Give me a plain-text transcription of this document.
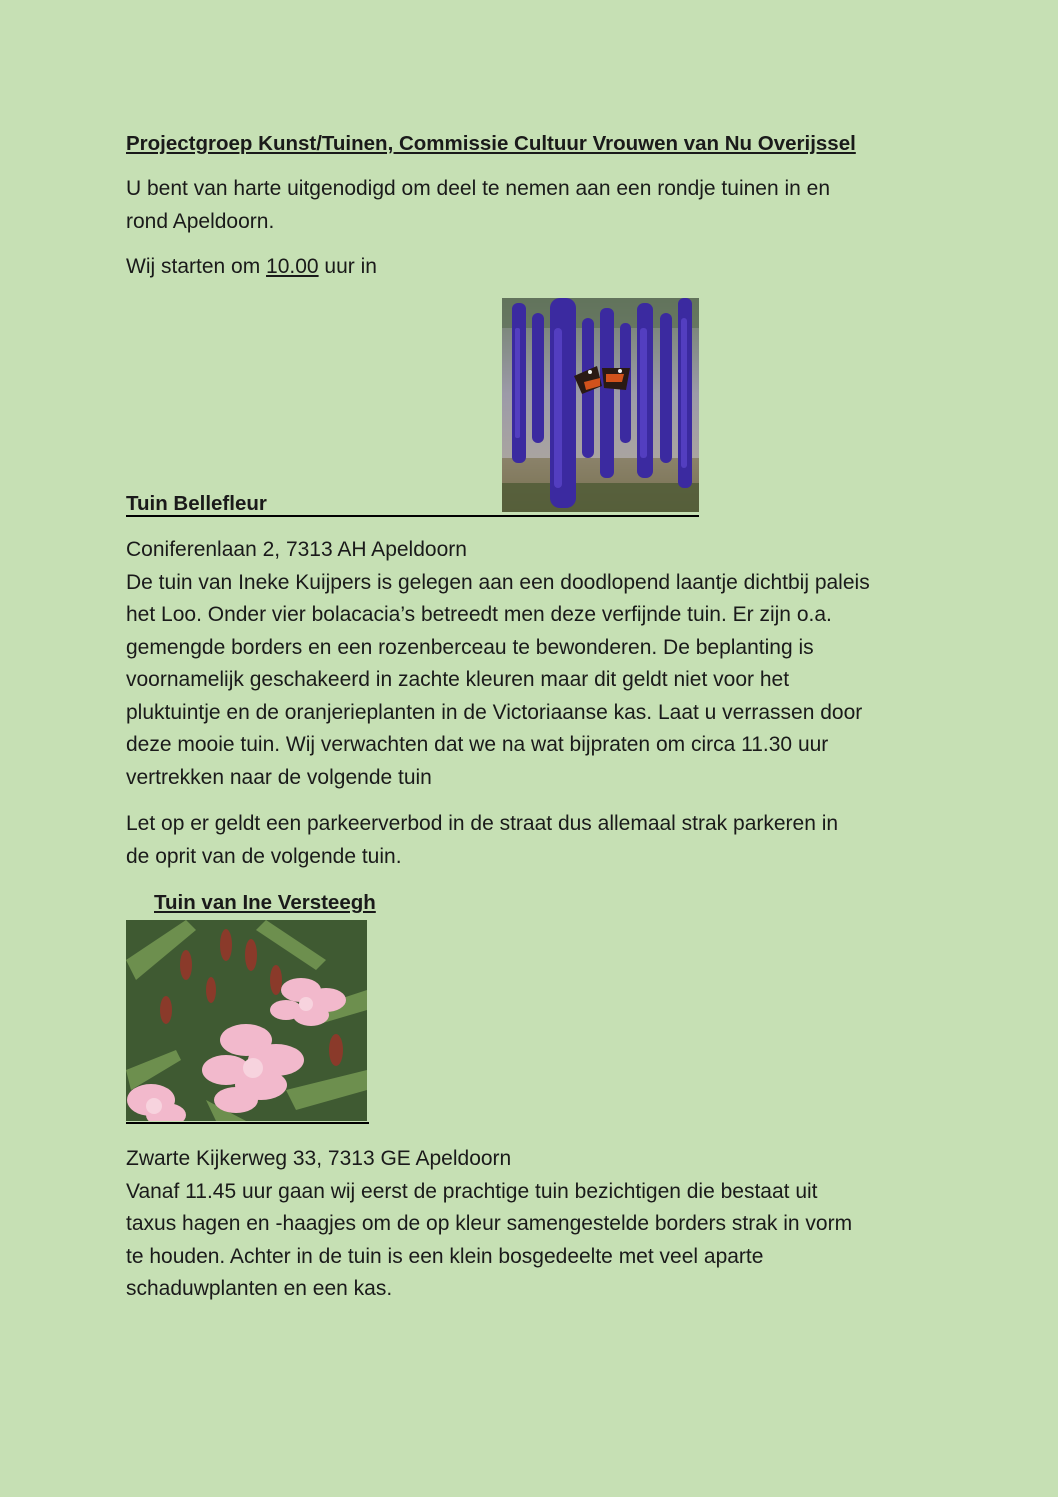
Projectgroep Kunst/Tuinen, Commissie Cultuur Vrouwen van Nu Overijssel
U bent van harte uitgenodigd om deel te nemen aan een rondje tuinen in en
rond Apeldoorn.
Wij starten om 10.00 uur in
Tuin Bellefleur
Coniferenlaan 2, 7313 AH Apeldoorn
De tuin van Ineke Kuijpers is gelegen aan een doodlopend laantje dichtbij paleis
het Loo. Onder vier bolacacia’s betreedt men deze verfijnde tuin. Er zijn o.a.
gemengde borders en een rozenberceau te bewonderen. De beplanting is
voornamelijk geschakeerd in zachte kleuren maar dit geldt niet voor het
pluktuintje en de oranjerieplanten in de Victoriaanse kas. Laat u verrassen door
deze mooie tuin. Wij verwachten dat we na wat bijpraten om circa 11.30 uur
vertrekken naar de volgende tuin
Let op er geldt een parkeerverbod in de straat dus allemaal strak parkeren in
de oprit van de volgende tuin.
Tuin van Ine Versteegh
Zwarte Kijkerweg 33, 7313 GE Apeldoorn
Vanaf 11.45 uur gaan wij eerst de prachtige tuin bezichtigen die bestaat uit
taxus hagen en -haagjes om de op kleur samengestelde borders strak in vorm
te houden. Achter in de tuin is een klein bosgedeelte met veel aparte
schaduwplanten en een kas.
